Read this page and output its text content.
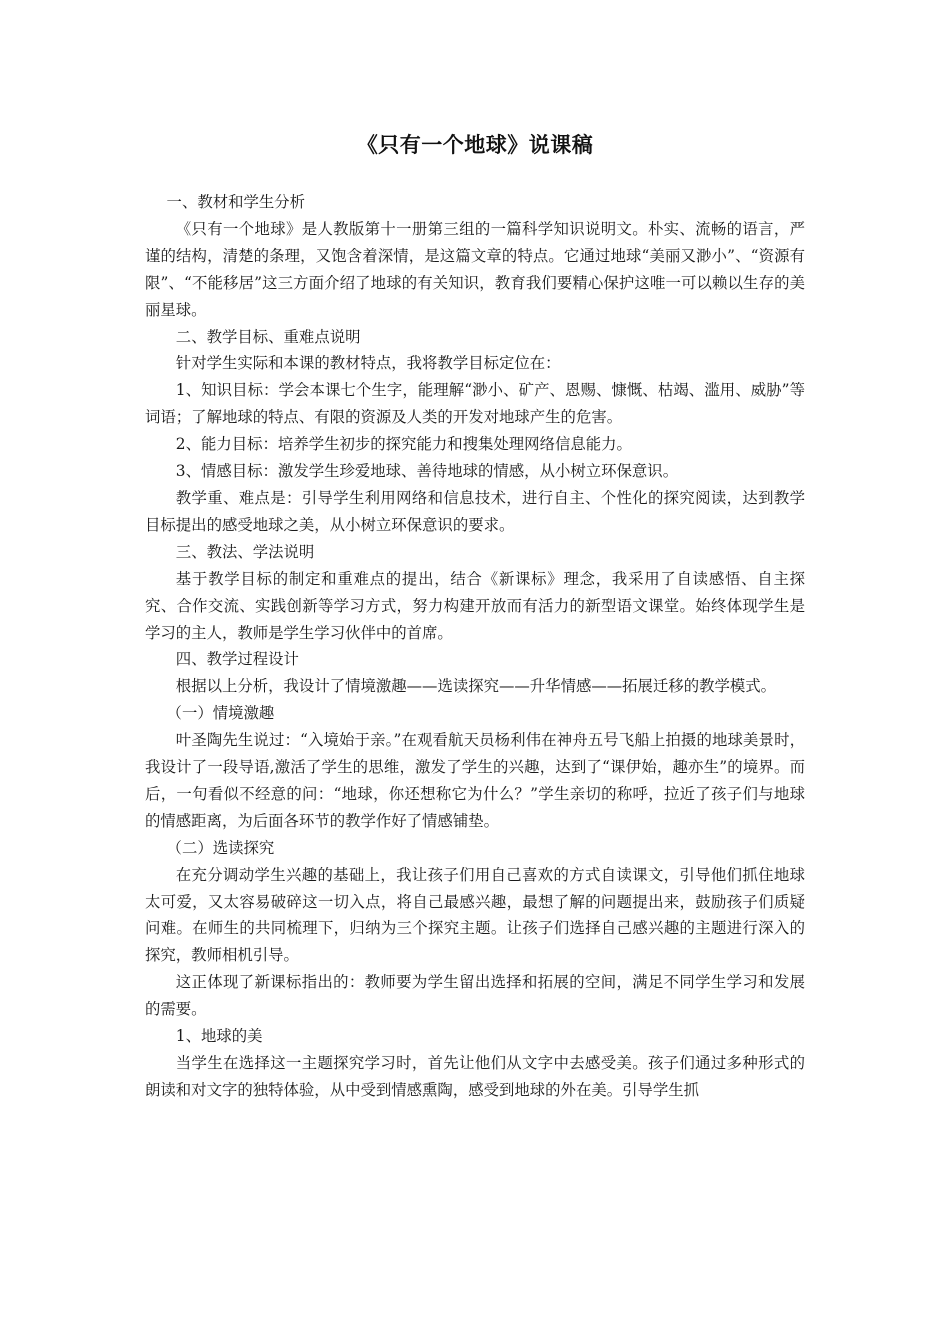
《只有一个地球》说课稿

一、教材和学生分析

《只有一个地球》是人教版第十一册第三组的一篇科学知识说明文。朴实、流畅的语言，严谨的结构，清楚的条理，又饱含着深情，是这篇文章的特点。它通过地球“美丽又渺小”、“资源有限”、“不能移居”这三方面介绍了地球的有关知识，教育我们要精心保护这唯一可以赖以生存的美丽星球。

二、教学目标、重难点说明

针对学生实际和本课的教材特点，我将教学目标定位在：

1、知识目标：学会本课七个生字，能理解“渺小、矿产、恩赐、慷慨、枯竭、滥用、威胁”等词语；了解地球的特点、有限的资源及人类的开发对地球产生的危害。

2、能力目标：培养学生初步的探究能力和搜集处理网络信息能力。

3、情感目标：激发学生珍爱地球、善待地球的情感，从小树立环保意识。

教学重、难点是：引导学生利用网络和信息技术，进行自主、个性化的探究阅读，达到教学目标提出的感受地球之美，从小树立环保意识的要求。

三、教法、学法说明

基于教学目标的制定和重难点的提出，结合《新课标》理念，我采用了自读感悟、自主探究、合作交流、实践创新等学习方式，努力构建开放而有活力的新型语文课堂。始终体现学生是学习的主人，教师是学生学习伙伴中的首席。

四、教学过程设计

根据以上分析，我设计了情境激趣——选读探究——升华情感——拓展迁移的教学模式。

（一）情境激趣

叶圣陶先生说过：“入境始于亲。”在观看航天员杨利伟在神舟五号飞船上拍摄的地球美景时，我设计了一段导语,激活了学生的思维，激发了学生的兴趣，达到了“课伊始，趣亦生”的境界。而后，一句看似不经意的问：“地球，你还想称它为什么？”学生亲切的称呼，拉近了孩子们与地球的情感距离，为后面各环节的教学作好了情感铺垫。

（二）选读探究

在充分调动学生兴趣的基础上，我让孩子们用自己喜欢的方式自读课文，引导他们抓住地球太可爱，又太容易破碎这一切入点，将自己最感兴趣，最想了解的问题提出来，鼓励孩子们质疑问难。在师生的共同梳理下，归纳为三个探究主题。让孩子们选择自己感兴趣的主题进行深入的探究，教师相机引导。

这正体现了新课标指出的：教师要为学生留出选择和拓展的空间，满足不同学生学习和发展的需要。

1、地球的美

当学生在选择这一主题探究学习时，首先让他们从文字中去感受美。孩子们通过多种形式的朗读和对文字的独特体验，从中受到情感熏陶，感受到地球的外在美。引导学生抓
